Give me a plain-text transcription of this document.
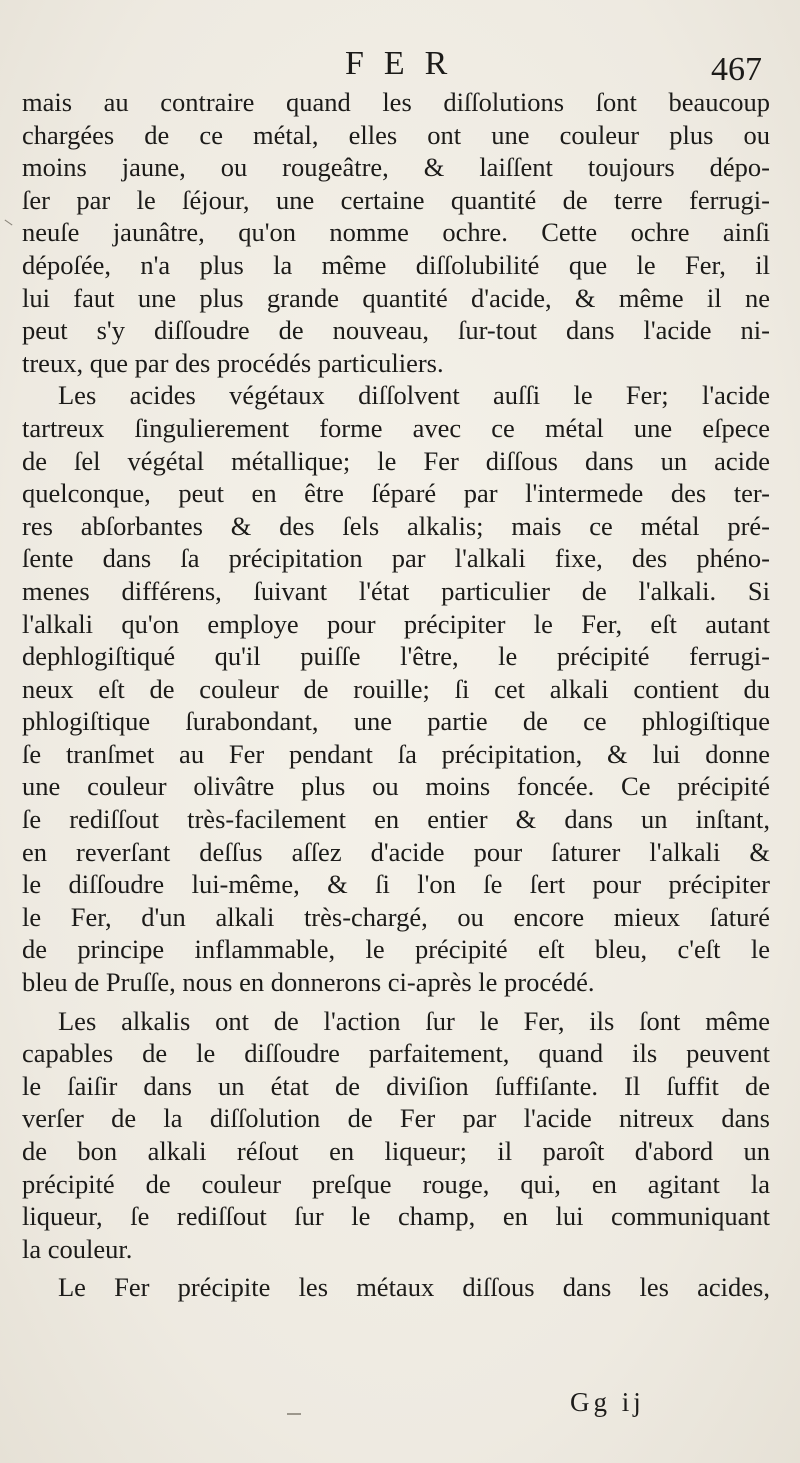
FER	467
mais au contraire quand les diſſolutions ſont beaucoup
chargées de ce métal, elles ont une couleur plus ou
moins jaune, ou rougeâtre, & laiſſent toujours dépo-
ſer par le ſéjour, une certaine quantité de terre ferrugi-
neuſe jaunâtre, qu'on nomme ochre. Cette ochre ainſi
dépoſée, n'a plus la même diſſolubilité que le Fer, il
lui faut une plus grande quantité d'acide, & même il ne
peut s'y diſſoudre de nouveau, ſur-tout dans l'acide ni-
treux, que par des procédés particuliers.
Les acides végétaux diſſolvent auſſi le Fer; l'acide
tartreux ſingulierement forme avec ce métal une eſpece
de ſel végétal métallique; le Fer diſſous dans un acide
quelconque, peut en être ſéparé par l'intermede des ter-
res abſorbantes & des ſels alkalis; mais ce métal pré-
ſente dans ſa précipitation par l'alkali fixe, des phéno-
menes différens, ſuivant l'état particulier de l'alkali. Si
l'alkali qu'on employe pour précipiter le Fer, eſt autant
dephlogiſtiqué qu'il puiſſe l'être, le précipité ferrugi-
neux eſt de couleur de rouille; ſi cet alkali contient du
phlogiſtique ſurabondant, une partie de ce phlogiſtique
ſe tranſmet au Fer pendant ſa précipitation, & lui donne
une couleur olivâtre plus ou moins foncée. Ce précipité
ſe rediſſout très-facilement en entier & dans un inſtant,
en reverſant deſſus aſſez d'acide pour ſaturer l'alkali &
le diſſoudre lui-même, & ſi l'on ſe ſert pour précipiter
le Fer, d'un alkali très-chargé, ou encore mieux ſaturé
de principe inflammable, le précipité eſt bleu, c'eſt le
bleu de Pruſſe, nous en donnerons ci-après le procédé.
Les alkalis ont de l'action ſur le Fer, ils ſont même
capables de le diſſoudre parfaitement, quand ils peuvent
le ſaiſir dans un état de diviſion ſuffiſante. Il ſuffit de
verſer de la diſſolution de Fer par l'acide nitreux dans
de bon alkali réſout en liqueur; il paroît d'abord un
précipité de couleur preſque rouge, qui, en agitant la
liqueur, ſe rediſſout ſur le champ, en lui communiquant
la couleur.
Le Fer précipite les métaux diſſous dans les acides,
Gg ij
